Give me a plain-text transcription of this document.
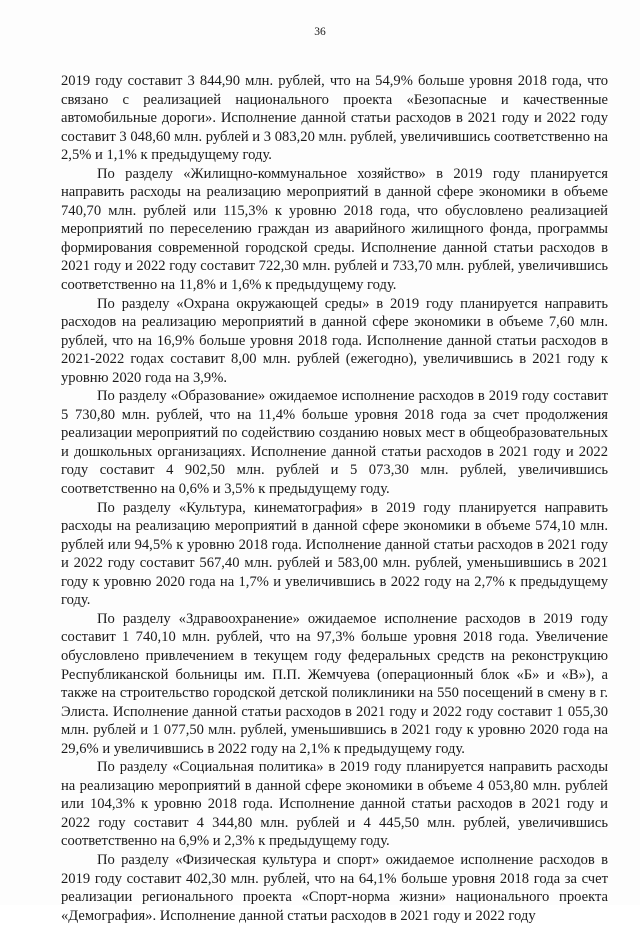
36

2019 году составит 3 844,90 млн. рублей, что на 54,9% больше уровня 2018 года, что связано с реализацией национального проекта «Безопасные и качественные автомобильные дороги». Исполнение данной статьи расходов в 2021 году и 2022 году составит 3 048,60 млн. рублей и 3 083,20 млн. рублей, увеличившись соответственно на 2,5% и 1,1% к предыдущему году.

По разделу «Жилищно-коммунальное хозяйство» в 2019 году планируется направить расходы на реализацию мероприятий в данной сфере экономики в объеме 740,70 млн. рублей или 115,3% к уровню 2018 года, что обусловлено реализацией мероприятий по переселению граждан из аварийного жилищного фонда, программы формирования современной городской среды. Исполнение данной статьи расходов в 2021 году и 2022 году составит 722,30 млн. рублей и 733,70 млн. рублей, увеличившись соответственно на 11,8% и 1,6% к предыдущему году.

По разделу «Охрана окружающей среды» в 2019 году планируется направить расходов на реализацию мероприятий в данной сфере экономики в объеме 7,60 млн. рублей, что на 16,9% больше уровня 2018 года. Исполнение данной статьи расходов в 2021-2022 годах составит 8,00 млн. рублей (ежегодно), увеличившись в 2021 году к уровню 2020 года на 3,9%.

По разделу «Образование» ожидаемое исполнение расходов в 2019 году составит 5 730,80 млн. рублей, что на 11,4% больше уровня 2018 года за счет продолжения реализации мероприятий по содействию созданию новых мест в общеобразовательных и дошкольных организациях. Исполнение данной статьи расходов в 2021 году и 2022 году составит 4 902,50 млн. рублей и 5 073,30 млн. рублей, увеличившись соответственно на 0,6% и 3,5% к предыдущему году.

По разделу «Культура, кинематография» в 2019 году планируется направить расходы на реализацию мероприятий в данной сфере экономики в объеме 574,10 млн. рублей или 94,5% к уровню 2018 года. Исполнение данной статьи расходов в 2021 году и 2022 году составит 567,40 млн. рублей и 583,00 млн. рублей, уменьшившись в 2021 году к уровню 2020 года на 1,7% и увеличившись в 2022 году на 2,7% к предыдущему году.

По разделу «Здравоохранение» ожидаемое исполнение расходов в 2019 году составит 1 740,10 млн. рублей, что на 97,3% больше уровня 2018 года. Увеличение обусловлено привлечением в текущем году федеральных средств на реконструкцию Республиканской больницы им. П.П. Жемчуева (операционный блок «Б» и «В»), а также на строительство городской детской поликлиники на 550 посещений в смену в г. Элиста. Исполнение данной статьи расходов в 2021 году и 2022 году составит 1 055,30 млн. рублей и 1 077,50 млн. рублей, уменьшившись в 2021 году к уровню 2020 года на 29,6% и увеличившись в 2022 году на 2,1% к предыдущему году.

По разделу «Социальная политика» в 2019 году планируется направить расходы на реализацию мероприятий в данной сфере экономики в объеме 4 053,80 млн. рублей или 104,3% к уровню 2018 года. Исполнение данной статьи расходов в 2021 году и 2022 году составит 4 344,80 млн. рублей и 4 445,50 млн. рублей, увеличившись соответственно на 6,9% и 2,3% к предыдущему году.

По разделу «Физическая культура и спорт» ожидаемое исполнение расходов в 2019 году составит 402,30 млн. рублей, что на 64,1% больше уровня 2018 года за счет реализации регионального проекта «Спорт-норма жизни» национального проекта «Демография». Исполнение данной статьи расходов в 2021 году и 2022 году
